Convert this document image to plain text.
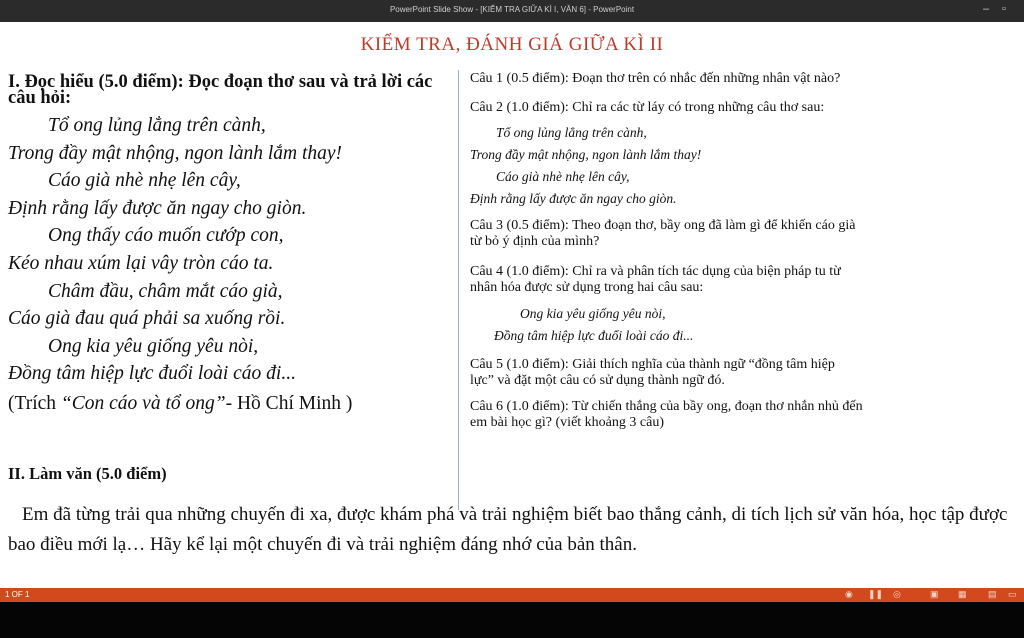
PowerPoint Slide Show - [KIỂM TRA GIỮA KÌ I, VĂN 6] - PowerPoint	–	▫
KIỂM TRA, ĐÁNH GIÁ GIỮA KÌ II
I. Đọc hiểu (5.0 điểm): Đọc đoạn thơ sau và trả lời các câu hỏi:
Tổ ong lủng lẳng trên cành,
Trong đầy mật nhộng, ngon lành lắm thay!
Cáo già nhè nhẹ lên cây,
Định rằng lấy được ăn ngay cho giòn.
Ong thấy cáo muốn cướp con,
Kéo nhau xúm lại vây tròn cáo ta.
Châm đầu, châm mắt cáo già,
Cáo già đau quá phải sa xuống rồi.
Ong kia yêu giống yêu nòi,
Đồng tâm hiệp lực đuổi loài cáo đi...
(Trích “Con cáo và tổ ong”- Hồ Chí Minh )
II. Làm văn (5.0 điểm)
Câu 1 (0.5 điểm): Đoạn thơ trên có nhắc đến những nhân vật nào?
Câu 2 (1.0 điểm): Chỉ ra các từ láy có trong những câu thơ sau:
Tổ ong lủng lẳng trên cành,
Trong đầy mật nhộng, ngon lành lắm thay!
Cáo già nhè nhẹ lên cây,
Định rằng lấy được ăn ngay cho giòn.
Câu 3 (0.5 điểm): Theo đoạn thơ, bầy ong đã làm gì để khiến cáo già
từ bỏ ý định của mình?
Câu 4 (1.0 điểm): Chỉ ra và phân tích tác dụng của biện pháp tu từ
nhân hóa được sử dụng trong hai câu sau:
Ong kia yêu giống yêu nòi,
Đồng tâm hiệp lực đuổi loài cáo đi...
Câu 5 (1.0 điểm): Giải thích nghĩa của thành ngữ “đồng tâm hiệp
lực” và đặt một câu có sử dụng thành ngữ đó.
Câu 6 (1.0 điểm): Từ chiến thắng của bầy ong, đoạn thơ nhắn nhủ đến
em bài học gì? (viết khoảng 3 câu)
Em đã từng trải qua những chuyến đi xa, được khám phá và trải nghiệm biết bao thắng cảnh, di tích lịch sử văn hóa, học tập được bao điều mới lạ… Hãy kể lại một chuyến đi và trải nghiệm đáng nhớ của bản thân.
1 OF 1	◉ ❚❚ ◎	▣ ▦ ▤ ▭
